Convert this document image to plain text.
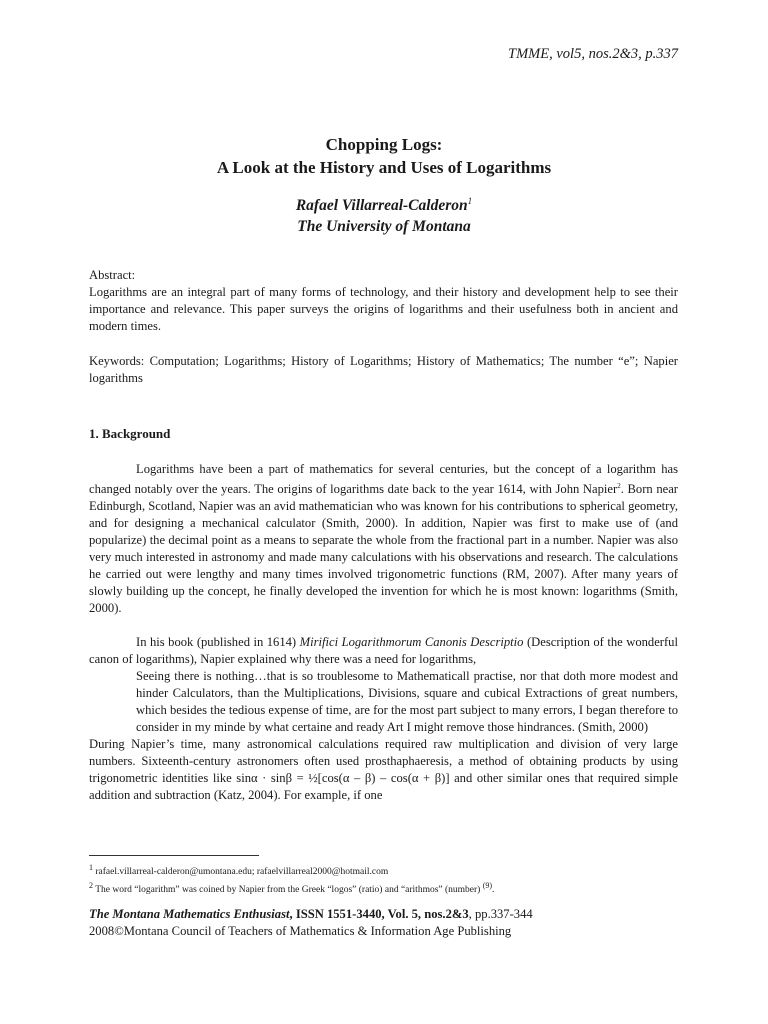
TMME, vol5, nos.2&3, p.337
Chopping Logs:
A Look at the History and Uses of Logarithms
Rafael Villarreal-Calderon$^1$
The University of Montana

Abstract:

Logarithms are an integral part of many forms of technology, and their history and development help to see their importance and relevance. This paper surveys the origins of logarithms and their usefulness both in ancient and modern times.

Keywords: Computation; Logarithms; History of Logarithms; History of Mathematics; The number “e”; Napier logarithms

1. Background

Logarithms have been a part of mathematics for several centuries, but the concept of a logarithm has changed notably over the years. The origins of logarithms date back to the year 1614, with John Napier$^2$. Born near Edinburgh, Scotland, Napier was an avid mathematician who was known for his contributions to spherical geometry, and for designing a mechanical calculator (Smith, 2000). In addition, Napier was first to make use of (and popularize) the decimal point as a means to separate the whole from the fractional part in a number. Napier was also very much interested in astronomy and made many calculations with his observations and research. The calculations he carried out were lengthy and many times involved trigonometric functions (RM, 2007). After many years of slowly building up the concept, he finally developed the invention for which he is most known: logarithms (Smith, 2000).

In his book (published in 1614) Mirifici Logarithmorum Canonis Descriptio (Description of the wonderful canon of logarithms), Napier explained why there was a need for logarithms,

Seeing there is nothing…that is so troublesome to Mathematicall practise, nor that doth more modest and hinder Calculators, than the Multiplications, Divisions, square and cubical Extractions of great numbers, which besides the tedious expense of time, are for the most part subject to many errors, I began therefore to consider in my minde by what certaine and ready Art I might remove those hindrances. (Smith, 2000)

During Napier’s time, many astronomical calculations required raw multiplication and division of very large numbers. Sixteenth-century astronomers often used prosthaphaeresis, a method of obtaining products by using trigonometric identities like sinα · sinβ = ½[cos(α – β) – cos(α + β)] and other similar ones that required simple addition and subtraction (Katz, 2004). For example, if one

$^1$ rafael.villarreal-calderon@umontana.edu; rafaelvillarreal2000@hotmail.com
$^2$ The word “logarithm” was coined by Napier from the Greek “logos” (ratio) and “arithmos” (number) $^{(9)}$.
The Montana Mathematics Enthusiast, ISSN 1551-3440, Vol. 5, nos.2&3, pp.337-344
2008©Montana Council of Teachers of Mathematics & Information Age Publishing
